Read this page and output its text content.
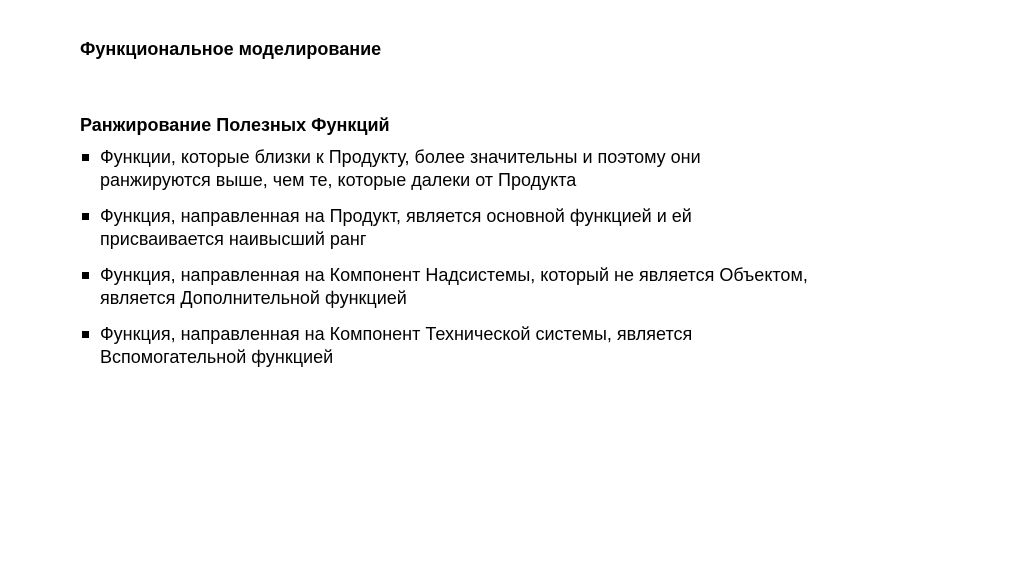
Функциональное моделирование
Ранжирование Полезных Функций
Функции, которые близки к Продукту, более значительны и поэтому они
ранжируются выше, чем те, которые далеки от Продукта
Функция, направленная на Продукт, является основной функцией и ей
присваивается наивысший ранг
Функция, направленная на Компонент Надсистемы, который не является Объектом,
является Дополнительной функцией
Функция, направленная на Компонент Технической системы, является
Вспомогательной функцией
